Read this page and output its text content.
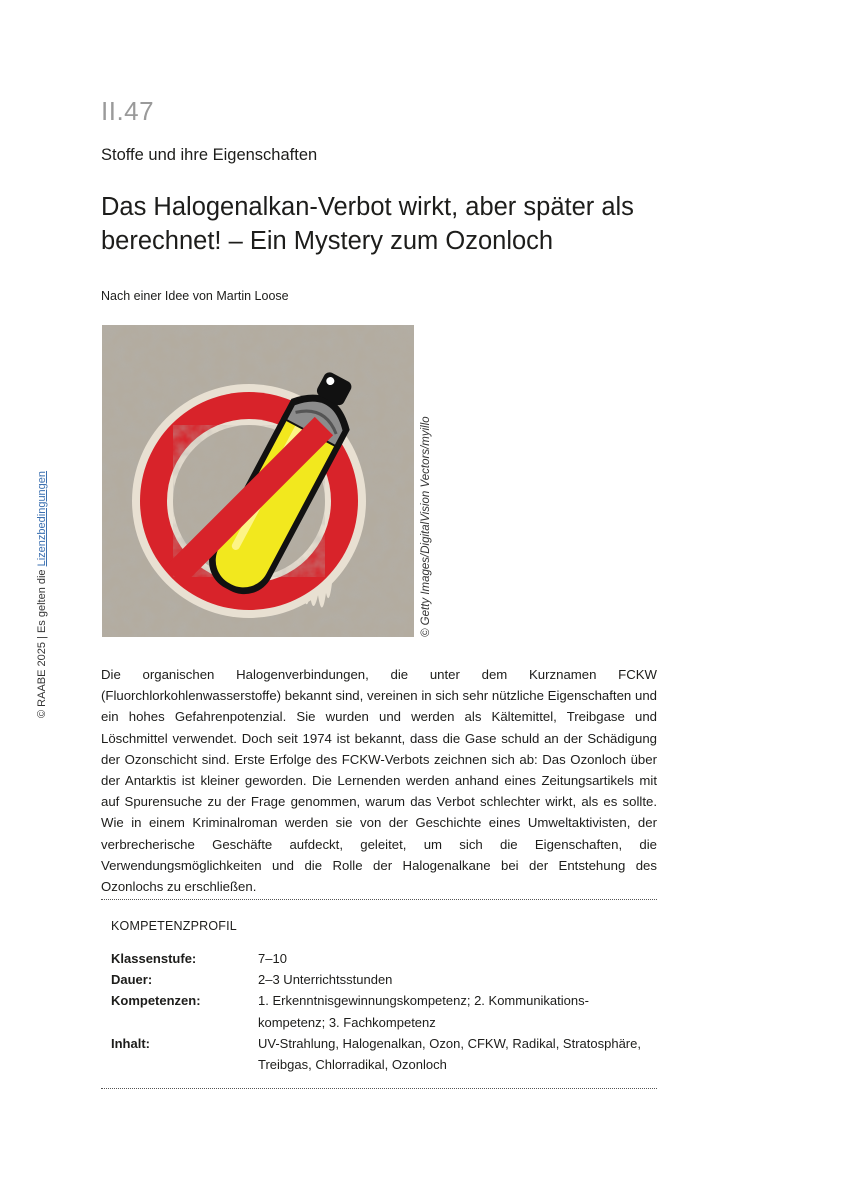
© RAABE 2025 | Es gelten die Lizenzbedingungen
II.47
Stoffe und ihre Eigenschaften
Das Halogenalkan-Verbot wirkt, aber später als
berechnet! – Ein Mystery zum Ozonloch
Nach einer Idee von Martin Loose
© Getty Images/DigitalVision Vectors/myillo

Die organischen Halogenverbindungen, die unter dem Kurznamen FCKW (Fluorchlorkohlenwasserstoffe) bekannt sind, vereinen in sich sehr nützliche Eigenschaften und ein hohes Gefahrenpotenzial. Sie wurden und werden als Kältemittel, Treibgase und Löschmittel verwendet. Doch seit 1974 ist bekannt, dass die Gase schuld an der Schädigung der Ozonschicht sind. Erste Erfolge des FCKW-Verbots zeichnen sich ab: Das Ozonloch über der Antarktis ist kleiner geworden. Die Lernenden werden anhand eines Zeitungsartikels mit auf Spurensuche zu der Frage genommen, warum das Verbot schlechter wirkt, als es sollte. Wie in einem Kriminalroman werden sie von der Geschichte eines Umweltaktivisten, der verbrecherische Geschäfte aufdeckt, geleitet, um sich die Eigenschaften, die Verwendungsmöglichkeiten und die Rolle der Halogenalkane bei der Entstehung des Ozonlochs zu erschließen.

KOMPETENZPROFIL
Klassenstufe:	7–10
Dauer:	2–3 Unterrichtsstunden
Kompetenzen:	1. Erkenntnisgewinnungskompetenz; 2. Kommunikationskompetenz; 3. Fachkompetenz
Inhalt:	UV-Strahlung, Halogenalkan, Ozon, CFKW, Radikal, Stratosphäre, Treibgas, Chlorradikal, Ozonloch
